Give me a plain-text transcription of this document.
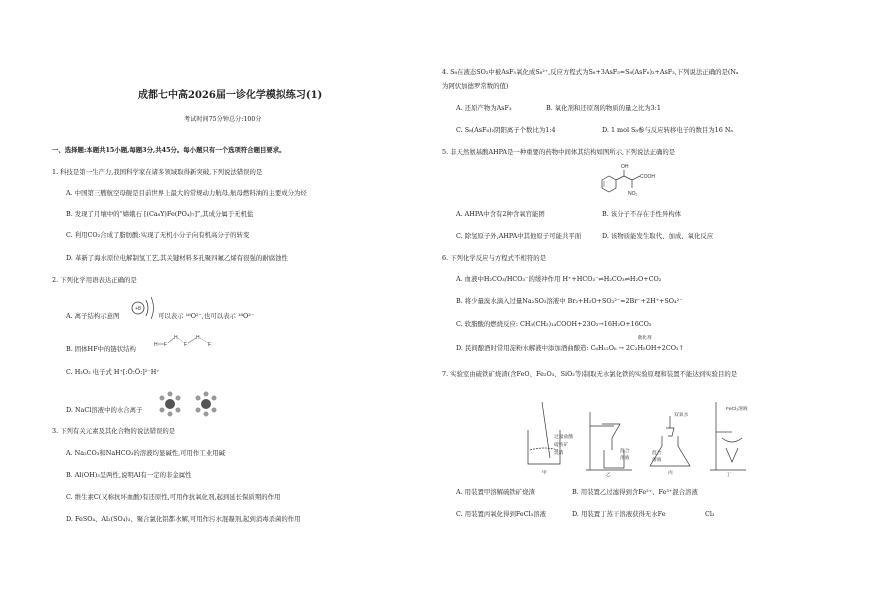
成都七中高2026届一诊化学模拟练习(1)
考试时间75分钟总分:100分
一、选择题:本题共15小题,每题3分,共45分。每小题只有一个选项符合题目要求。
1. 科技是第一生产力,我国科学家在诸多领域取得新突破,下列说法错误的是
A. 中国第三艘航空母舰是目前世界上最大的常规动力航母,航母燃料油的主要成分为烃
B. 发现了月壤中的“嫦娥石 [(Ca₈Y)Fe(PO₄)₇]”,其成分属于无机盐
C. 利用CO₂合成了脂肪酸:实现了无机小分子向有机高分子的转变
D. 革新了海水原位电解制氢工艺,其关键材料多孔聚四氟乙烯有很强的耐腐蚀性
2. 下列化学用语表达正确的是
A. 离子结构示意图
+8
可以表示 ¹⁶O²⁻,也可以表示 ¹⁸O²⁻
B. 固体HF中的链状结构	H F
H
F
H
F
C. H₂O₂ 电子式 H⁺[:Ö:Ö:]²⁻H⁺
D. NaCl溶液中的水合离子
3. 下列有关元素及其化合物的说法错误的是
A. Na₂CO₃和NaHCO₃的溶液均显碱性,可用作工业用碱
B. Al(OH)₃呈两性,说明Al有一定的非金属性
C. 维生素C(又称抗坏血酸)有还原性,可用作抗氧化剂,起到延长保质期的作用
D. FeSO₄、Al₂(SO₄)₃、聚合氯化铝都水解,可用作污水混凝剂,起到消毒杀菌的作用
4. S₈在液态SO₂中被AsF₅氧化成S₈²⁺,反应方程式为S₈+3AsF₅=S₈(AsF₆)₂+AsF₃,下列说法正确的是(Nₐ
为阿伏加德罗常数的值)
A. 还原产物为AsF₃	B. 氧化剂和还原剂的物质的量之比为3:1
C. S₈(AsF₆)₂阴阳离子个数比为1:4	D. 1 mol S₈参与反应转移电子的数目为16 Nₐ
5. 非天然氨基酸AHPA是一种重要的药物中间体其结构如图所示,下列说法正确的是
OH
COOH
NO₂
A. AHPA中含有2种含氧官能团	B. 该分子不存在手性异构体
C. 除氢原子外,AHPA中其他原子可能共平面	D. 该物质能发生取代、加成、氧化反应
6. 下列化学反应与方程式不相符的是
A. 血液中H₂CO₃/HCO₃⁻的缓冲作用 H⁺+HCO₃⁻⇌H₂CO₃⇌H₂O+CO₂
B. 将少量溴水滴入过量Na₂SO₃溶液中 Br₂+H₂O+SO₃²⁻=2Br⁻+2H⁺+SO₄²⁻
C. 软脂酸的燃烧反应: CH₃(CH₂)₁₄COOH+23O₂→16H₂O+16CO₂
催化剂
D. 民间酿酒时常用淀粉水解液中添加酒曲酿造: C₆H₁₂O₆ → 2C₂H₅OH+2CO₂↑
7. 实验室由硫铁矿烧渣(含FeO、Fe₂O₃、SiO₂等)制取无水氯化铁的实验原理和装置不能达到实验目的是
过量盐酸
硫铁矿
烧渣	混合
溶液
双氧水
混合
溶液
FeCl₃溶液
甲	乙	丙	丁
A. 用装置甲溶解硫铁矿烧渣	B. 用装置乙过滤得到含Fe²⁺、Fe³⁺混合溶液
C. 用装置丙氧化得到FeCl₃溶液	D. 用装置丁蒸干溶液获得无水Fe	Cl₃
